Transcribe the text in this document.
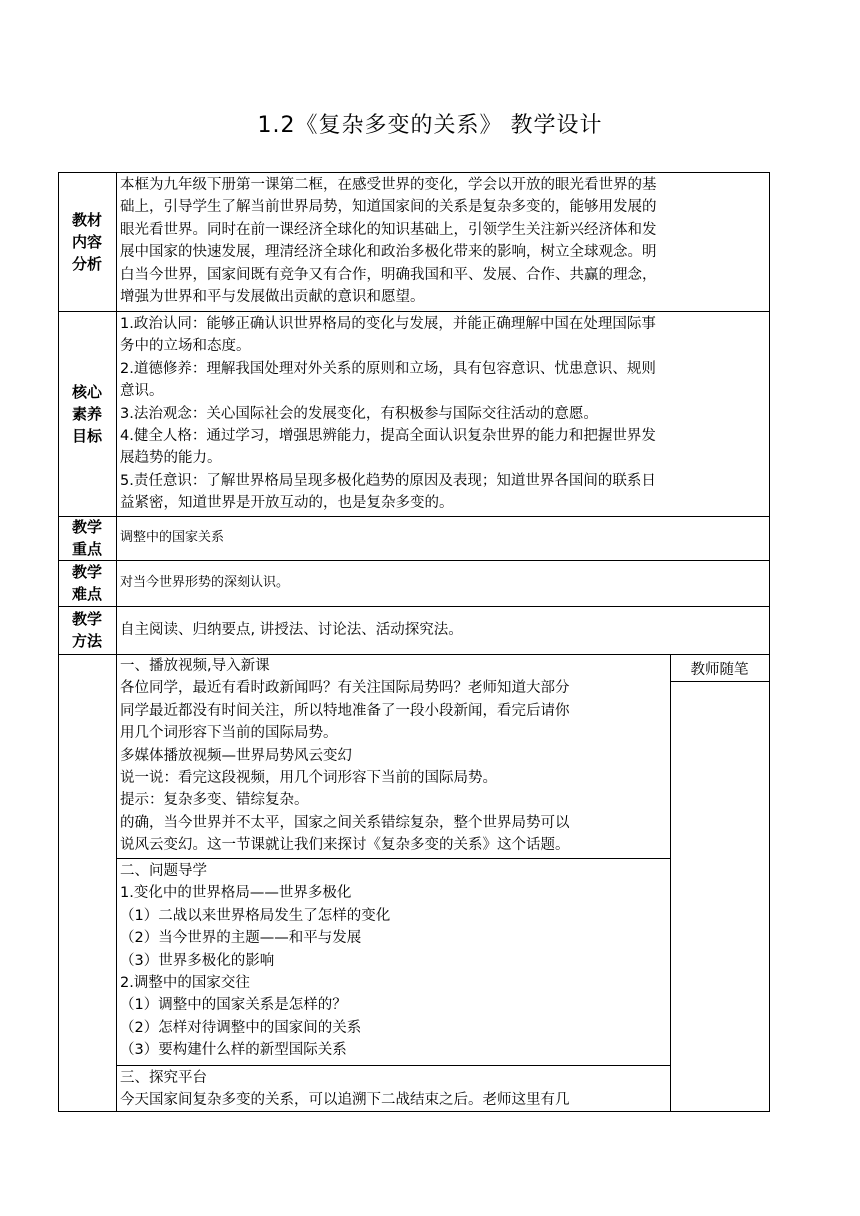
1.2《复杂多变的关系》 教学设计
教材
内容
分析
本框为九年级下册第一课第二框，在感受世界的变化，学会以开放的眼光看世界的基
础上，引导学生了解当前世界局势，知道国家间的关系是复杂多变的，能够用发展的
眼光看世界。同时在前一课经济全球化的知识基础上，引领学生关注新兴经济体和发
展中国家的快速发展，理清经济全球化和政治多极化带来的影响，树立全球观念。明
白当今世界，国家间既有竞争又有合作，明确我国和平、发展、合作、共赢的理念，
增强为世界和平与发展做出贡献的意识和愿望。
核心
素养
目标
1.政治认同：能够正确认识世界格局的变化与发展，并能正确理解中国在处理国际事
务中的立场和态度。
2.道德修养：理解我国处理对外关系的原则和立场，具有包容意识、忧患意识、规则
意识。
3.法治观念：关心国际社会的发展变化，有积极参与国际交往活动的意愿。
4.健全人格：通过学习，增强思辨能力，提高全面认识复杂世界的能力和把握世界发
展趋势的能力。
5.责任意识：了解世界格局呈现多极化趋势的原因及表现；知道世界各国间的联系日
益紧密，知道世界是开放互动的，也是复杂多变的。
教学
重点
调整中的国家关系
教学
难点
对当今世界形势的深刻认识。
教学
方法
自主阅读、归纳要点, 讲授法、讨论法、活动探究法。
一、播放视频,导入新课
各位同学，最近有看时政新闻吗？有关注国际局势吗？老师知道大部分
同学最近都没有时间关注，所以特地准备了一段小段新闻，看完后请你
用几个词形容下当前的国际局势。
多媒体播放视频—世界局势风云变幻
说一说：看完这段视频，用几个词形容下当前的国际局势。
提示：复杂多变、错综复杂。
的确，当今世界并不太平，国家之间关系错综复杂，整个世界局势可以
说风云变幻。这一节课就让我们来探讨《复杂多变的关系》这个话题。
二、问题导学
1.变化中的世界格局——世界多极化
（1）二战以来世界格局发生了怎样的变化
（2）当今世界的主题——和平与发展
（3）世界多极化的影响
2.调整中的国家交往
（1）调整中的国家关系是怎样的？
（2）怎样对待调整中的国家间的关系
（3）要构建什么样的新型国际关系
三、探究平台
今天国家间复杂多变的关系，可以追溯下二战结束之后。老师这里有几
教师随笔
